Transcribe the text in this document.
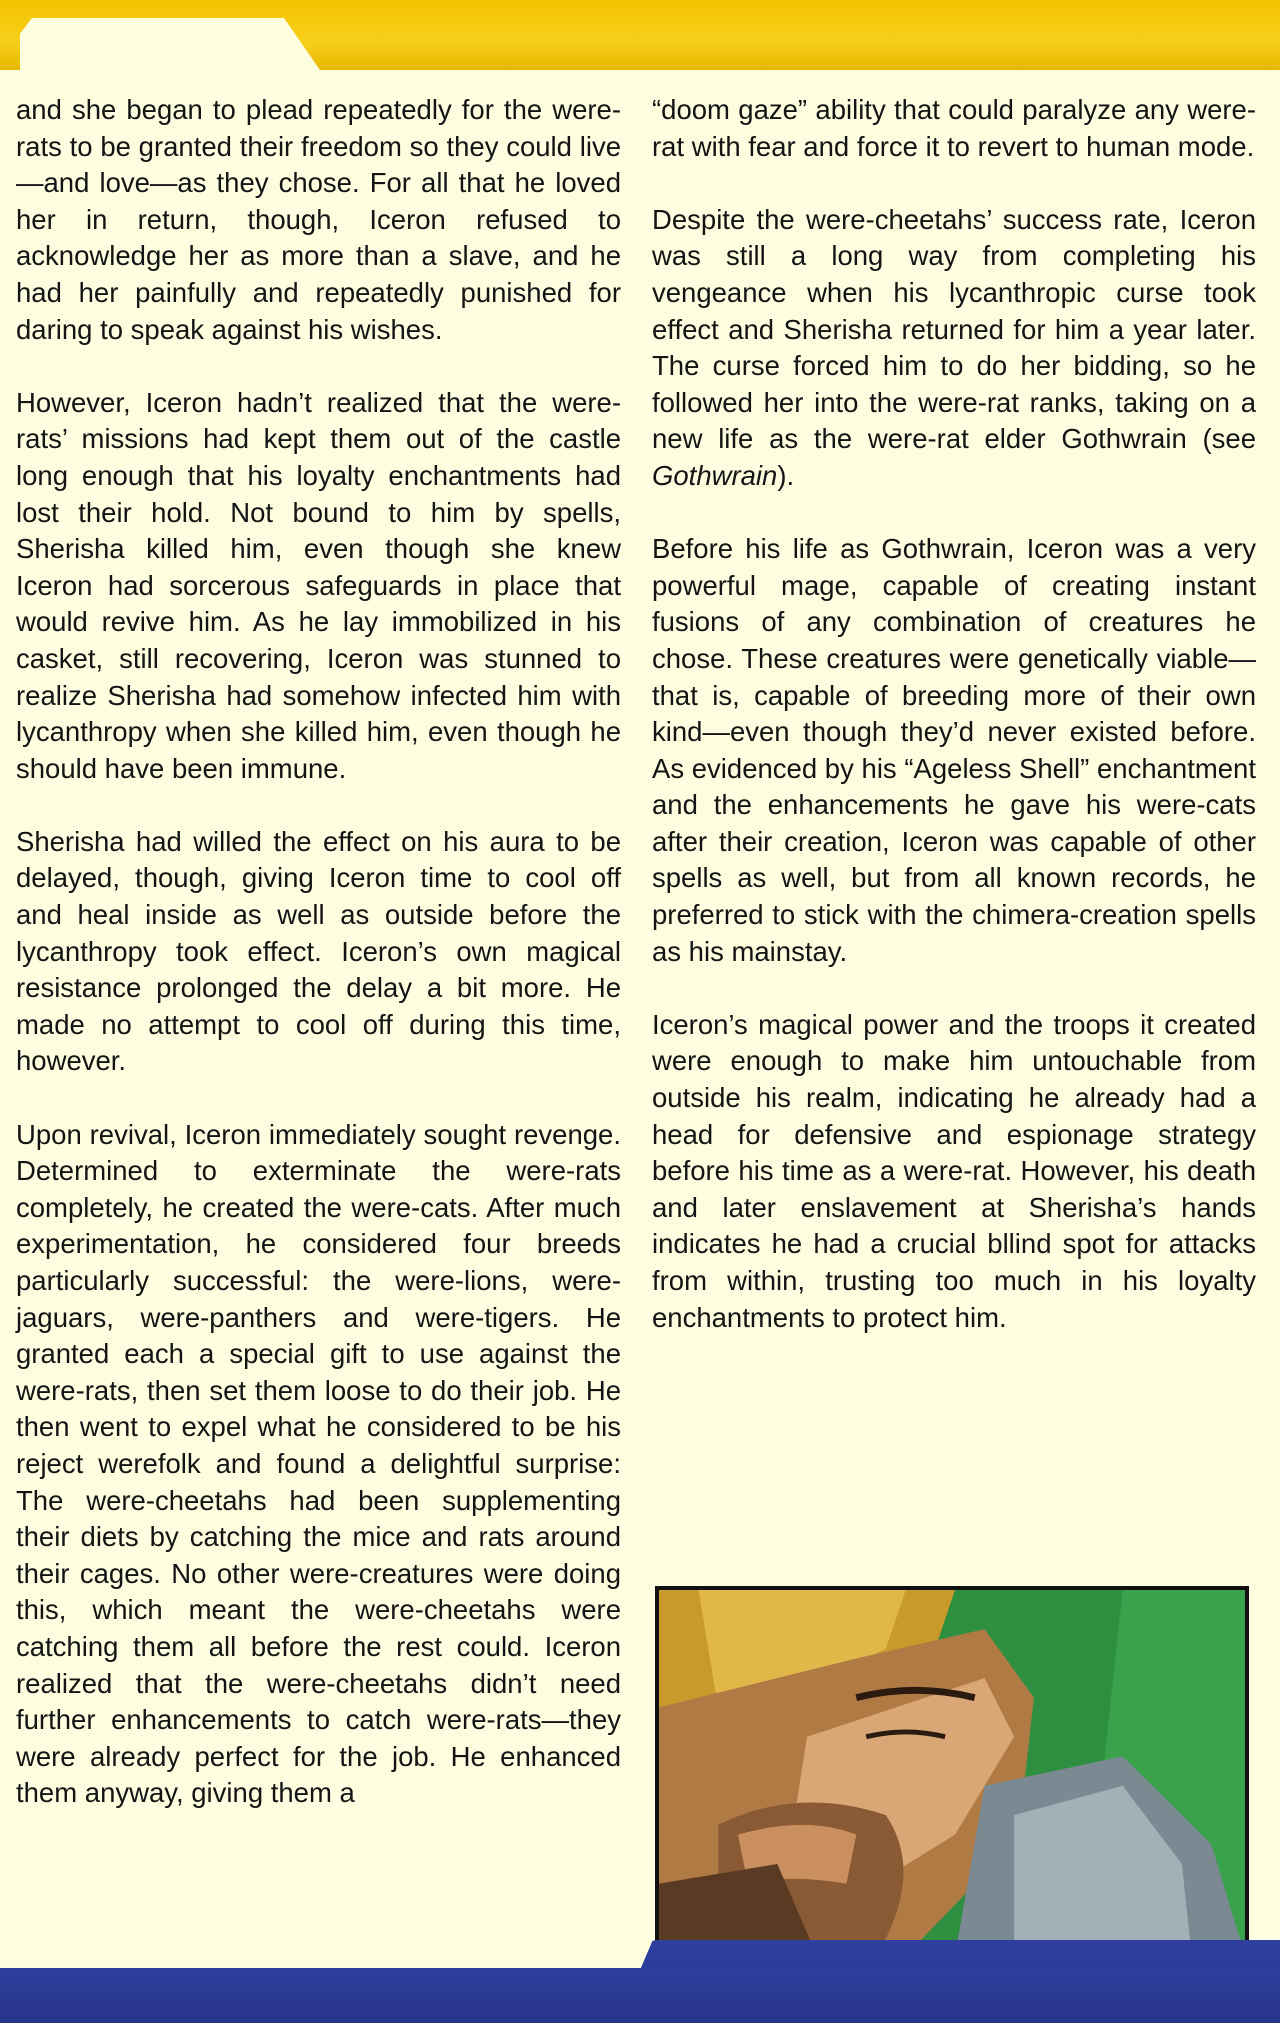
and she began to plead repeatedly for the were-rats to be granted their freedom so they could live—and love—as they chose. For all that he loved her in return, though, Iceron refused to acknowledge her as more than a slave, and he had her painfully and repeatedly punished for daring to speak against his wishes.

However, Iceron hadn’t realized that the were-rats’ missions had kept them out of the castle long enough that his loyalty enchantments had lost their hold. Not bound to him by spells, Sherisha killed him, even though she knew Iceron had sorcerous safeguards in place that would revive him. As he lay immobilized in his casket, still recovering, Iceron was stunned to realize Sherisha had somehow infected him with lycanthropy when she killed him, even though he should have been immune.

Sherisha had willed the effect on his aura to be delayed, though, giving Iceron time to cool off and heal inside as well as outside before the lycanthropy took effect. Iceron’s own magical resistance prolonged the delay a bit more. He made no attempt to cool off during this time, however.

Upon revival, Iceron immediately sought revenge. Determined to exterminate the were-rats completely, he created the were-cats. After much experimentation, he considered four breeds particularly successful: the were-lions, were-jaguars, were-panthers and were-tigers. He granted each a special gift to use against the were-rats, then set them loose to do their job. He then went to expel what he considered to be his reject werefolk and found a delightful surprise: The were-cheetahs had been supplementing their diets by catching the mice and rats around their cages. No other were-creatures were doing this, which meant the were-cheetahs were catching them all before the rest could. Iceron realized that the were-cheetahs didn’t need further enhancements to catch were-rats—they were already perfect for the job. He enhanced them anyway, giving them a

“doom gaze” ability that could paralyze any were-rat with fear and force it to revert to human mode.

Despite the were-cheetahs’ success rate, Iceron was still a long way from completing his vengeance when his lycanthropic curse took effect and Sherisha returned for him a year later. The curse forced him to do her bidding, so he followed her into the were-rat ranks, taking on a new life as the were-rat elder Gothwrain (see Gothwrain).

Before his life as Gothwrain, Iceron was a very powerful mage, capable of creating instant fusions of any combination of creatures he chose. These creatures were genetically viable—that is, capable of breeding more of their own kind—even though they’d never existed before. As evidenced by his “Ageless Shell” enchantment and the enhancements he gave his were-cats after their creation, Iceron was capable of other spells as well, but from all known records, he preferred to stick with the chimera-creation spells as his mainstay.

Iceron’s magical power and the troops it created were enough to make him untouchable from outside his realm, indicating he already had a head for defensive and espionage strategy before his time as a were-rat. However, his death and later enslavement at Sherisha’s hands indicates he had a crucial bllind spot for attacks from within, trusting too much in his loyalty enchantments to protect him.
